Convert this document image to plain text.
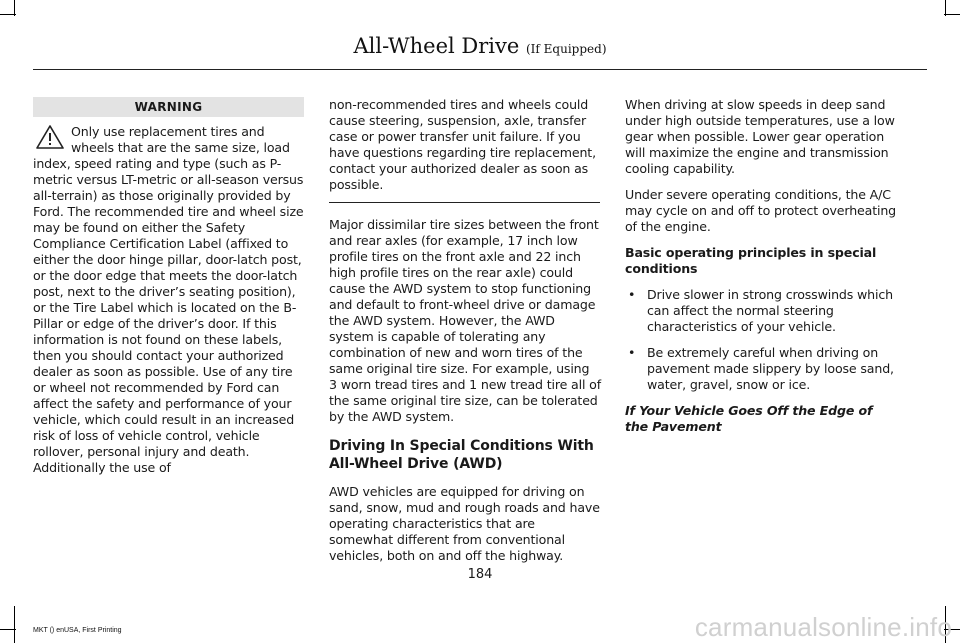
All-Wheel Drive (If Equipped)
WARNING

Only use replacement tires and wheels that are the same size, load index, speed rating and type (such as P-metric versus LT-metric or all-season versus all-terrain) as those originally provided by Ford. The recommended tire and wheel size may be found on either the Safety Compliance Certification Label (affixed to either the door hinge pillar, door-latch post, or the door edge that meets the door-latch post, next to the driver’s seating position), or the Tire Label which is located on the B-Pillar or edge of the driver’s door. If this information is not found on these labels, then you should contact your authorized dealer as soon as possible. Use of any tire or wheel not recommended by Ford can affect the safety and performance of your vehicle, which could result in an increased risk of loss of vehicle control, vehicle rollover, personal injury and death. Additionally the use of

non-recommended tires and wheels could cause steering, suspension, axle, transfer case or power transfer unit failure. If you have questions regarding tire replacement, contact your authorized dealer as soon as possible.

Major dissimilar tire sizes between the front and rear axles (for example, 17 inch low profile tires on the front axle and 22 inch high profile tires on the rear axle) could cause the AWD system to stop functioning and default to front-wheel drive or damage the AWD system. However, the AWD system is capable of tolerating any combination of new and worn tires of the same original tire size. For example, using 3 worn tread tires and 1 new tread tire all of the same original tire size, can be tolerated by the AWD system.

Driving In Special Conditions With All-Wheel Drive (AWD)

AWD vehicles are equipped for driving on sand, snow, mud and rough roads and have operating characteristics that are somewhat different from conventional vehicles, both on and off the highway.

When driving at slow speeds in deep sand under high outside temperatures, use a low gear when possible. Lower gear operation will maximize the engine and transmission cooling capability.

Under severe operating conditions, the A/C may cycle on and off to protect overheating of the engine.

Basic operating principles in special conditions

• Drive slower in strong crosswinds which can affect the normal steering characteristics of your vehicle.
• Be extremely careful when driving on pavement made slippery by loose sand, water, gravel, snow or ice.

If Your Vehicle Goes Off the Edge of the Pavement

184
MKT () enUSA, First Printing	carmanualsonline.info
